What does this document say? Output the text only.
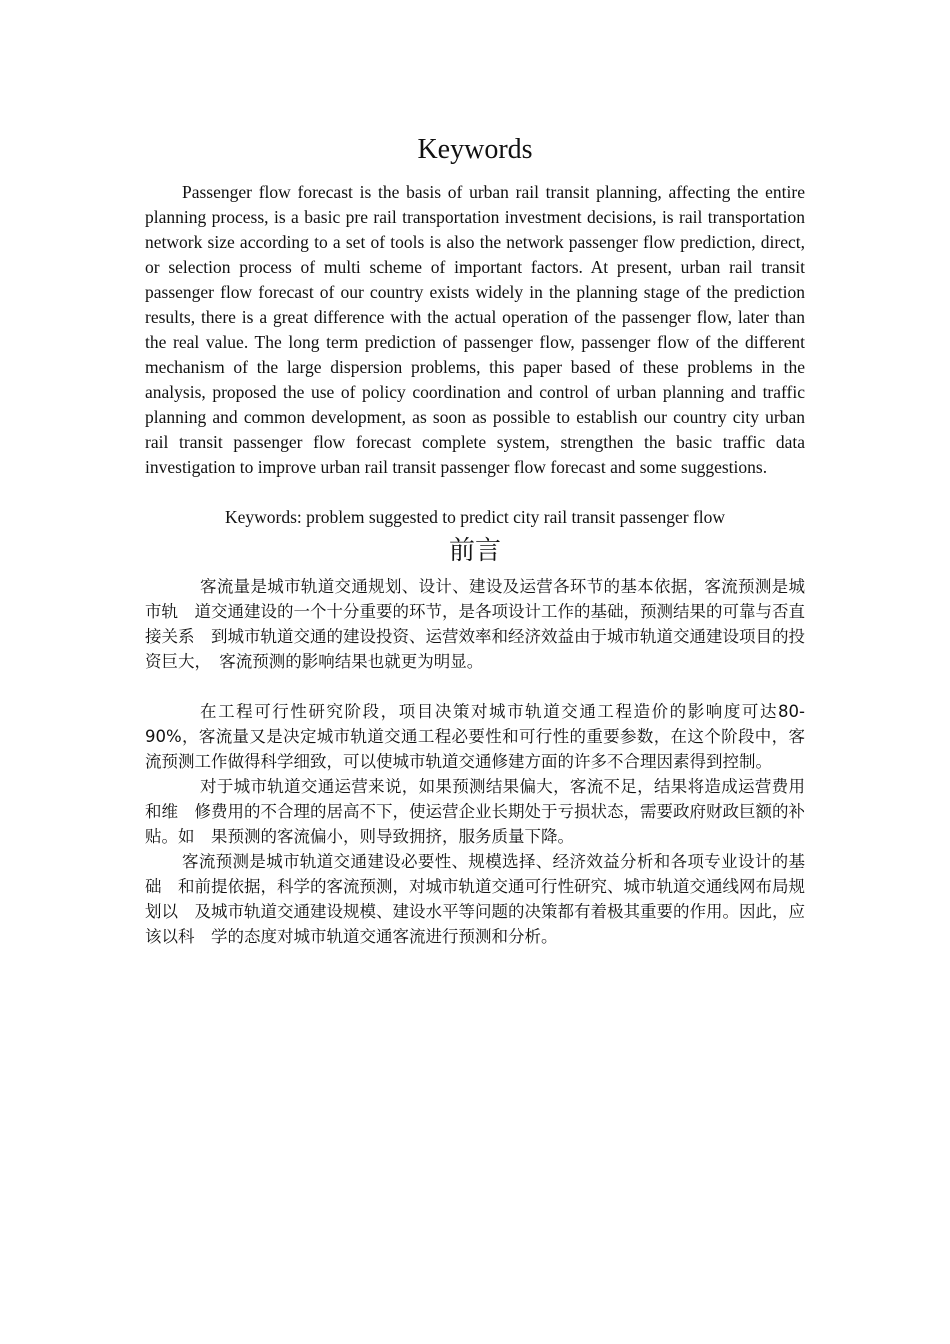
Keywords

Passenger flow forecast is the basis of urban rail transit planning, affecting the entire planning process, is a basic pre rail transportation investment decisions, is rail transportation network size according to a set of tools is also the network passenger flow prediction, direct, or selection process of multi scheme of important factors. At present, urban rail transit passenger flow forecast of our country exists widely in the planning stage of the prediction results, there is a great difference with the actual operation of the passenger flow, later than the real value. The long term prediction of passenger flow, passenger flow of the different mechanism of the large dispersion problems, this paper based of these problems in the analysis, proposed the use of policy coordination and control of urban planning and traffic planning and common development, as soon as possible to establish our country city urban rail transit passenger flow forecast complete system, strengthen the basic traffic data investigation to improve urban rail transit passenger flow forecast and some suggestions.

Keywords: problem suggested to predict city rail transit passenger flow

前言

客流量是城市轨道交通规划、设计、建设及运营各环节的基本依据，客流预测是城市轨　道交通建设的一个十分重要的环节，是各项设计工作的基础，预测结果的可靠与否直接关系　到城市轨道交通的建设投资、运营效率和经济效益由于城市轨道交通建设项目的投资巨大，　客流预测的影响结果也就更为明显。

在工程可行性研究阶段，项目决策对城市轨道交通工程造价的影响度可达80-90%，客流量又是决定城市轨道交通工程必要性和可行性的重要参数，在这个阶段中，客流预测工作做得科学细致，可以使城市轨道交通修建方面的许多不合理因素得到控制。

对于城市轨道交通运营来说，如果预测结果偏大，客流不足，结果将造成运营费用和维　修费用的不合理的居高不下，使运营企业长期处于亏损状态，需要政府财政巨额的补贴。如　果预测的客流偏小，则导致拥挤，服务质量下降。

客流预测是城市轨道交通建设必要性、规模选择、经济效益分析和各项专业设计的基础　和前提依据，科学的客流预测，对城市轨道交通可行性研究、城市轨道交通线网布局规划以　及城市轨道交通建设规模、建设水平等问题的决策都有着极其重要的作用。因此，应该以科　学的态度对城市轨道交通客流进行预测和分析。
